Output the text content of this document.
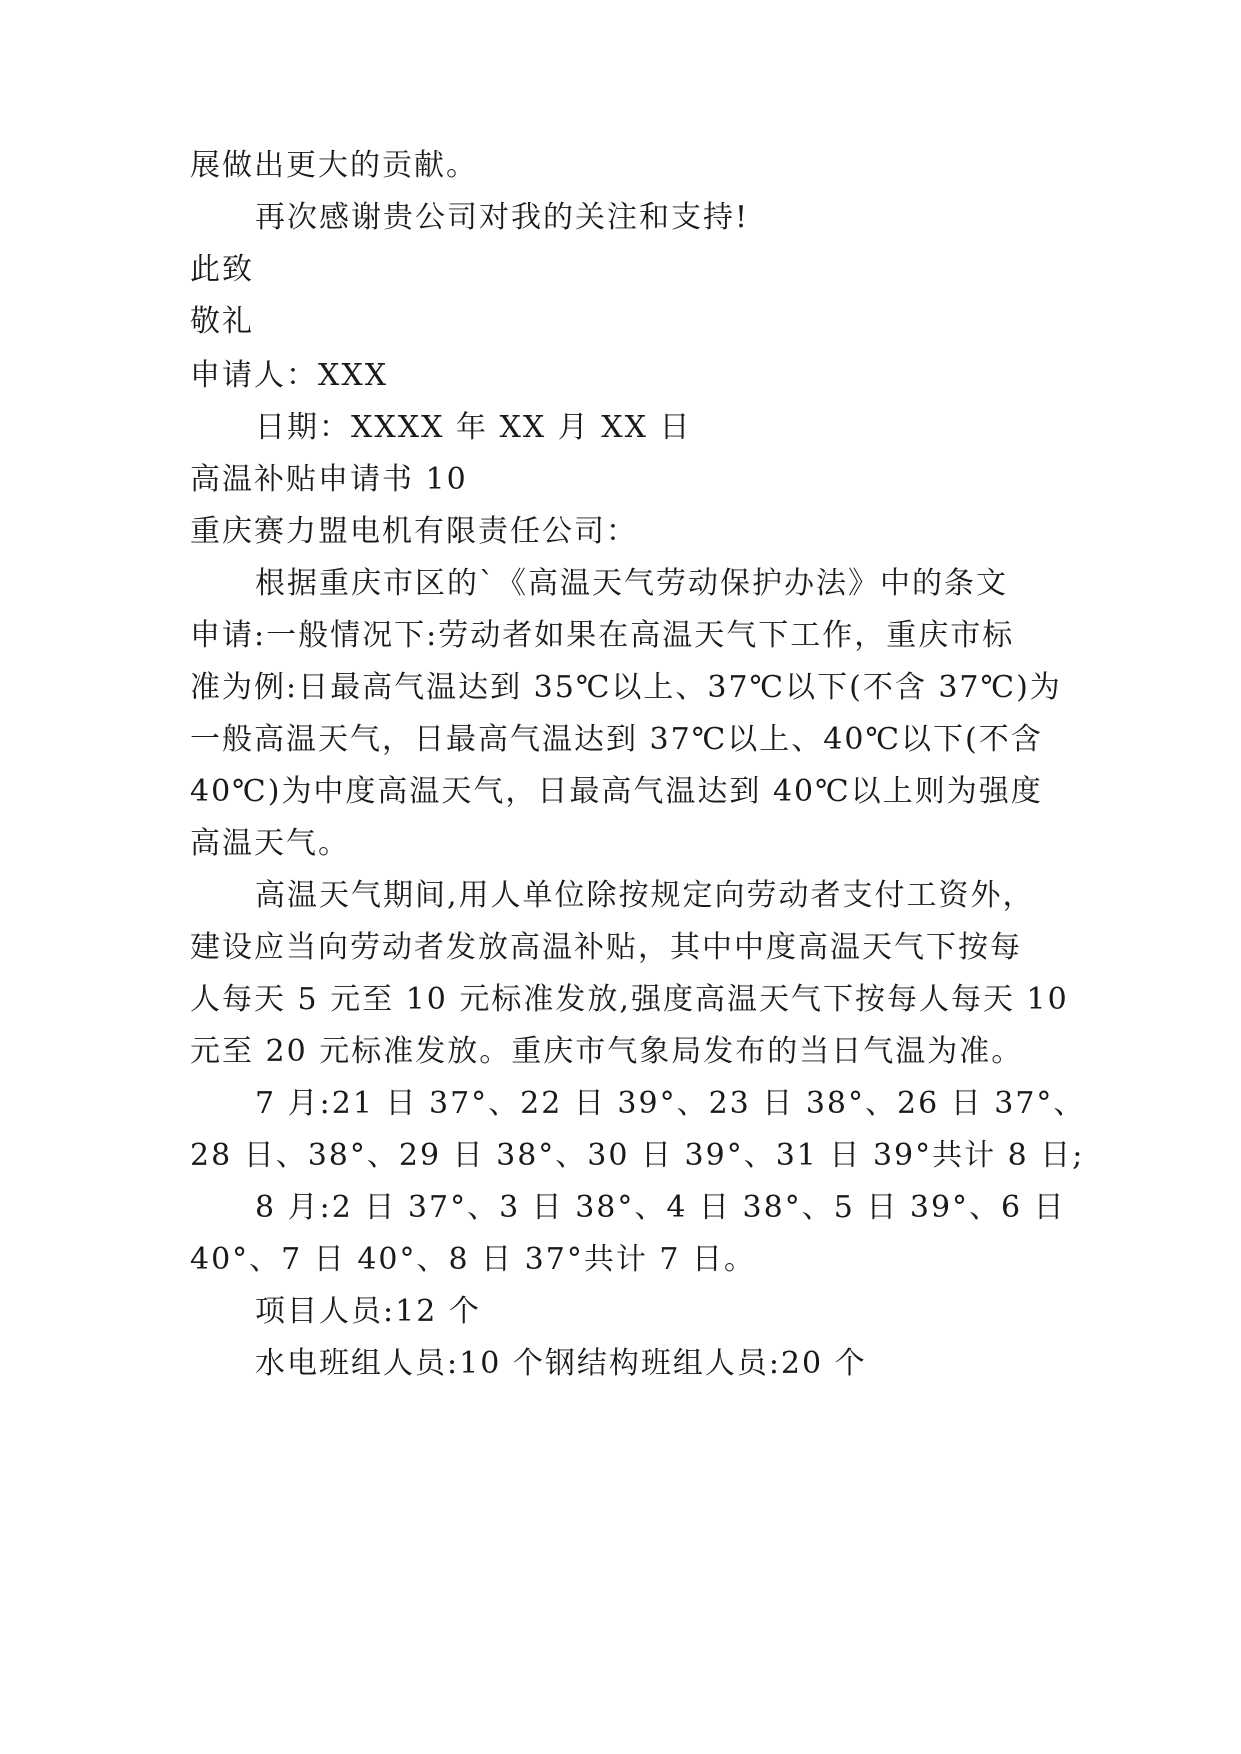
展做出更大的贡献。
再次感谢贵公司对我的关注和支持!
此致
敬礼
申请人：XXX
日期：XXXX 年 XX 月 XX 日
高温补贴申请书 10
重庆赛力盟电机有限责任公司：
根据重庆市区的`《高温天气劳动保护办法》中的条文
申请:一般情况下:劳动者如果在高温天气下工作，重庆市标
准为例:日最高气温达到 35℃以上、37℃以下(不含 37℃)为
一般高温天气，日最高气温达到 37℃以上、40℃以下(不含
40℃)为中度高温天气，日最高气温达到 40℃以上则为强度
高温天气。
高温天气期间,用人单位除按规定向劳动者支付工资外，
建设应当向劳动者发放高温补贴，其中中度高温天气下按每
人每天 5 元至 10 元标准发放,强度高温天气下按每人每天 10
元至 20 元标准发放。重庆市气象局发布的当日气温为准。
7 月:21 日 37°、22 日 39°、23 日 38°、26 日 37°、
28 日、38°、29 日 38°、30 日 39°、31 日 39°共计 8 日;
8 月:2 日 37°、3 日 38°、4 日 38°、5 日 39°、6 日
40°、7 日 40°、8 日 37°共计 7 日。
项目人员:12 个
水电班组人员:10 个钢结构班组人员:20 个
